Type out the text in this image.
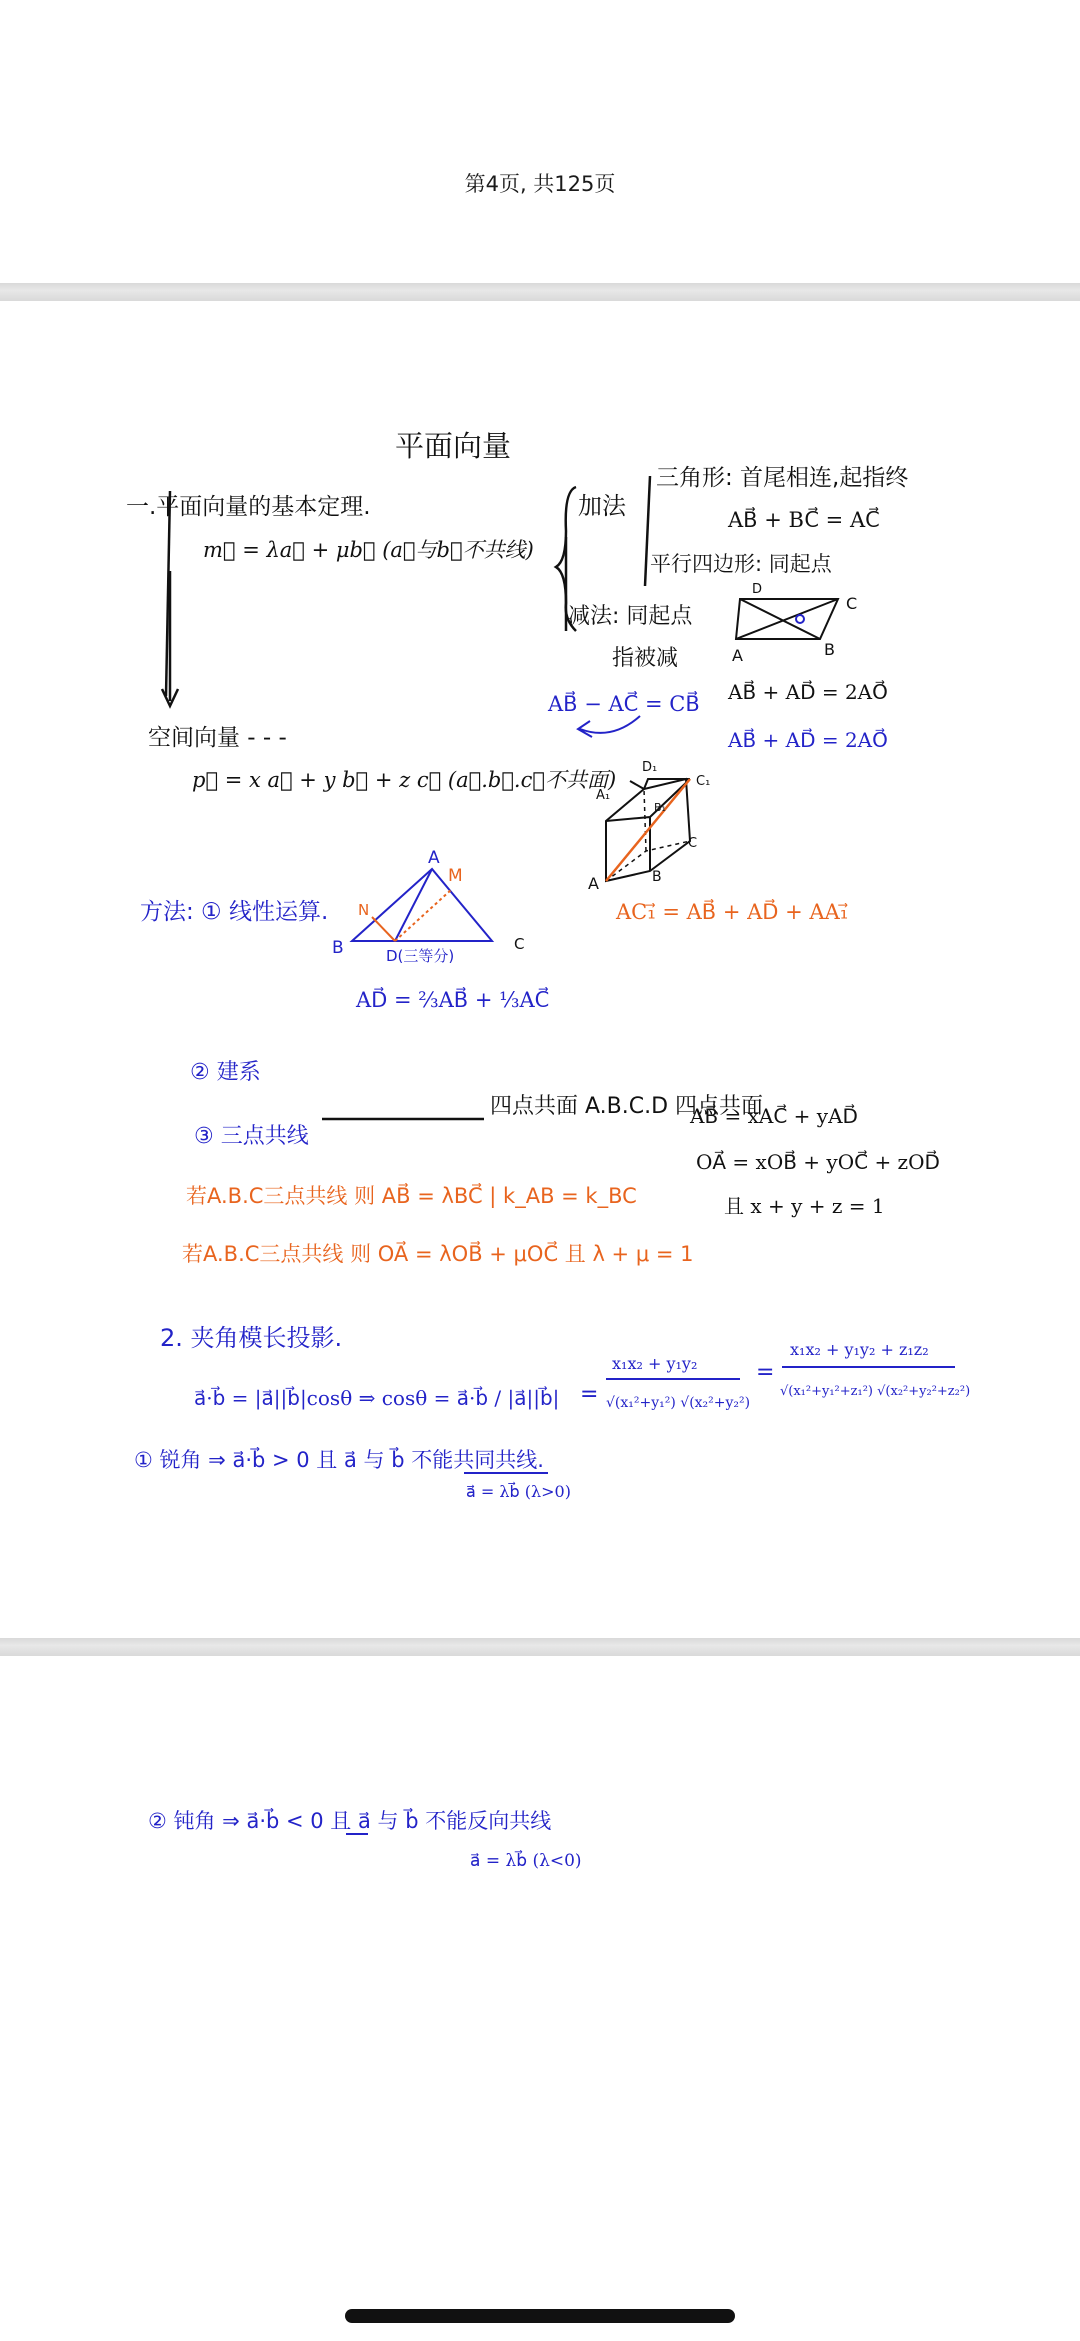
第4页, 共125页
平面向量
一.平面向量的基本定理.
m⃗ = λa⃗ + μb⃗ (a⃗与b⃗不共线)
空间向量 - - -
p⃗ = x a⃗ + y b⃗ + z c⃗ (a⃗.b⃗.c⃗不共面)
加法
三角形: 首尾相连,起指终
AB⃗ + BC⃗ = AC⃗
平行四边形: 同起点
减法: 同起点
指被减
AB⃗ − AC⃗ = CB⃗
D
C
A	B
AB⃗ + AD⃗ = 2AO⃗
AB⃗ + AD⃗ = 2AO⃗
D₁
A₁
C₁
B₁
C
A	B
AC₁⃗ = AB⃗ + AD⃗ + AA₁⃗
方法: ① 线性运算.
A
M
N
B	C
D(三等分)
AD⃗ = ⅔AB⃗ + ⅓AC⃗
② 建系
③ 三点共线
四点共面 A.B.C.D 四点共面
AB⃗ = xAC⃗ + yAD⃗
OA⃗ = xOB⃗ + yOC⃗ + zOD⃗
且 x + y + z = 1
若A.B.C三点共线 则 AB⃗ = λBC⃗ | k_AB = k_BC
若A.B.C三点共线 则 OA⃗ = λOB⃗ + μOC⃗ 且 λ + μ = 1
2. 夹角模长投影.
a⃗·b⃗ = |a⃗||b⃗|cosθ ⇒ cosθ = a⃗·b⃗ / |a⃗||b⃗| =
x₁x₂ + y₁y₂
√(x₁²+y₁²) √(x₂²+y₂²)
=
x₁x₂ + y₁y₂ + z₁z₂
√(x₁²+y₁²+z₁²) √(x₂²+y₂²+z₂²)
① 锐角 ⇒ a⃗·b⃗ > 0 且 a⃗ 与 b⃗ 不能共同共线.
a⃗ = λb⃗ (λ>0)
② 钝角 ⇒ a⃗·b⃗ < 0 且 a⃗ 与 b⃗ 不能反向共线
a⃗ = λb⃗ (λ<0)
